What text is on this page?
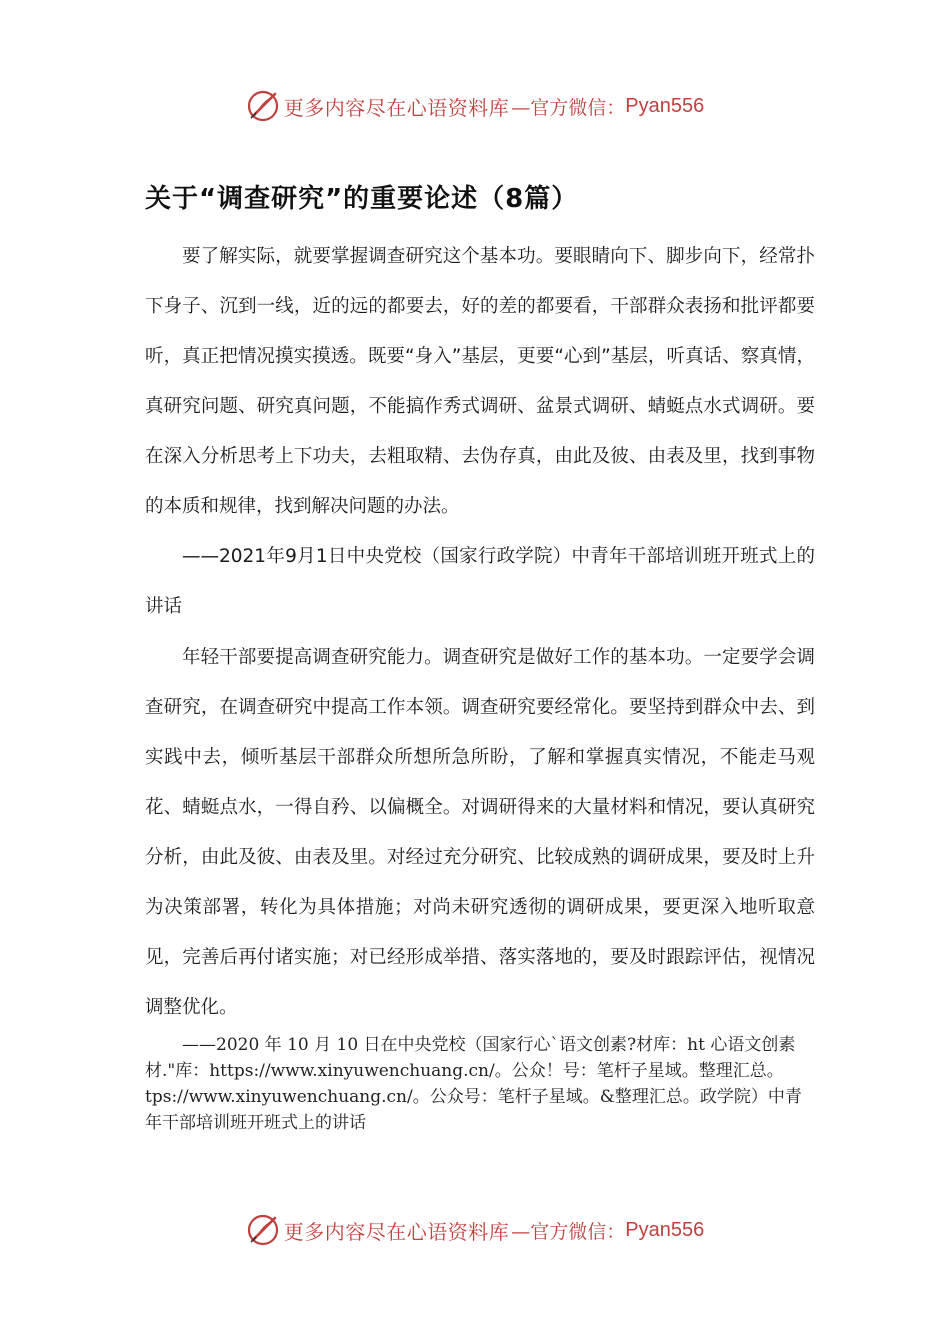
更多内容尽在心语资料库 —官方微信： Pyan556
关于“调查研究”的重要论述（8篇）

要了解实际，就要掌握调查研究这个基本功。要眼睛向下、脚步向下，经常扑下身子、沉到一线，近的远的都要去，好的差的都要看，干部群众表扬和批评都要听，真正把情况摸实摸透。既要“身入”基层，更要“心到”基层，听真话、察真情，真研究问题、研究真问题，不能搞作秀式调研、盆景式调研、蜻蜓点水式调研。要在深入分析思考上下功夫，去粗取精、去伪存真，由此及彼、由表及里，找到事物的本质和规律，找到解决问题的办法。

——2021年9月1日中央党校（国家行政学院）中青年干部培训班开班式上的讲话

年轻干部要提高调查研究能力。调查研究是做好工作的基本功。一定要学会调查研究，在调查研究中提高工作本领。调查研究要经常化。要坚持到群众中去、到实践中去，倾听基层干部群众所想所急所盼，了解和掌握真实情况，不能走马观花、蜻蜓点水，一得自矜、以偏概全。对调研得来的大量材料和情况，要认真研究分析，由此及彼、由表及里。对经过充分研究、比较成熟的调研成果，要及时上升为决策部署，转化为具体措施；对尚未研究透彻的调研成果，要更深入地听取意见，完善后再付诸实施；对已经形成举措、落实落地的，要及时跟踪评估，视情况调整优化。

——2020 年 10 月 10 日在中央党校（国家行心`语文创素?材库：ht 心语文创素材."库：https://www.xinyuwenchuang.cn/。公众！号：笔杆子星域。整理汇总。tps://www.xinyuwenchuang.cn/。公众号：笔杆子星域。&整理汇总。政学院）中青年干部培训班开班式上的讲话

更多内容尽在心语资料库 —官方微信： Pyan556
